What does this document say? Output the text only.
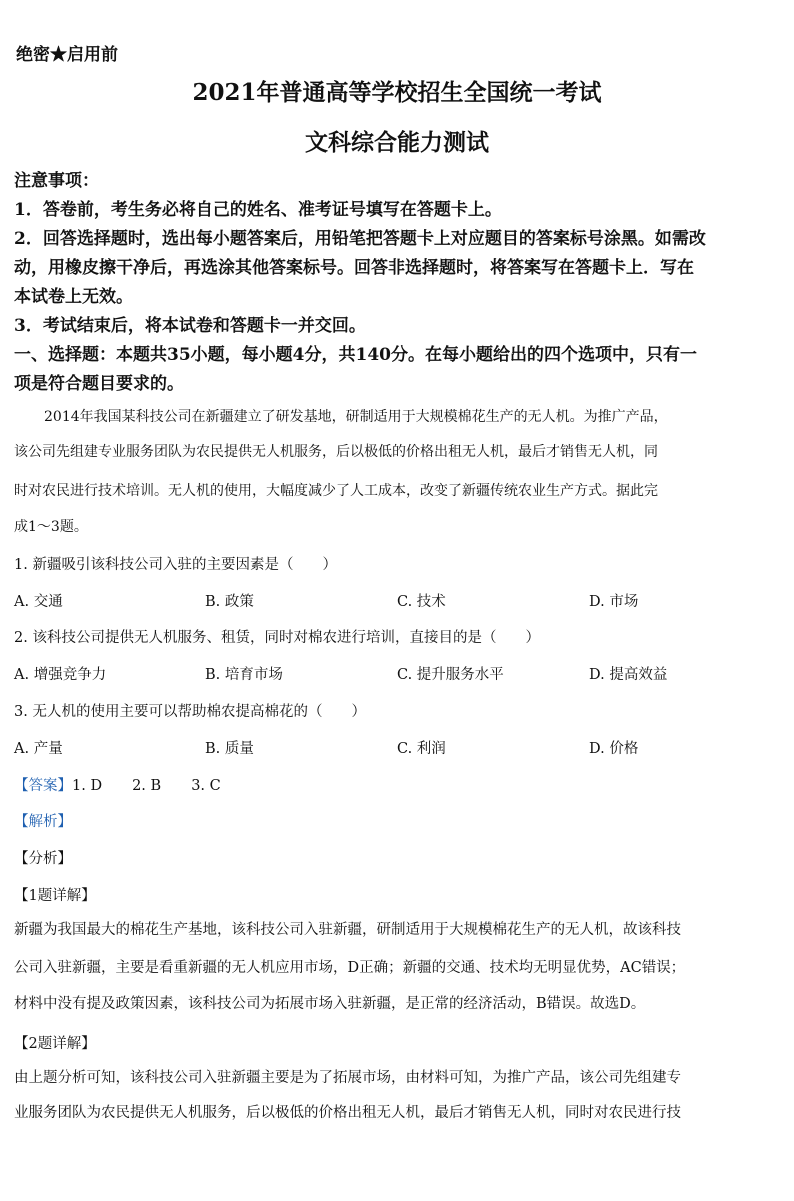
绝密★启用前
2021年普通高等学校招生全国统一考试
文科综合能力测试
注意事项：
1．答卷前，考生务必将自己的姓名、准考证号填写在答题卡上。
2．回答选择题时，选出每小题答案后，用铅笔把答题卡上对应题目的答案标号涂黑。如需改
动，用橡皮擦干净后，再选涂其他答案标号。回答非选择题时，将答案写在答题卡上．写在
本试卷上无效。
3．考试结束后，将本试卷和答题卡一并交回。
一、选择题：本题共35小题，每小题4分，共140分。在每小题给出的四个选项中，只有一
项是符合题目要求的。
2014年我国某科技公司在新疆建立了研发基地，研制适用于大规模棉花生产的无人机。为推广产品，
该公司先组建专业服务团队为农民提供无人机服务，后以极低的价格出租无人机，最后才销售无人机，同
时对农民进行技术培训。无人机的使用，大幅度减少了人工成本，改变了新疆传统农业生产方式。据此完
成1～3题。
1. 新疆吸引该科技公司入驻的主要因素是（　　）
A. 交通	B. 政策	C. 技术	D. 市场
2. 该科技公司提供无人机服务、租赁，同时对棉农进行培训，直接目的是（　　）
A. 增强竞争力	B. 培育市场	C. 提升服务水平	D. 提高效益
3. 无人机的使用主要可以帮助棉农提高棉花的（　　）
A. 产量	B. 质量	C. 利润	D. 价格
【答案】1. D 2. B 3. C
【解析】
【分析】
【1题详解】
新疆为我国最大的棉花生产基地，该科技公司入驻新疆，研制适用于大规模棉花生产的无人机，故该科技
公司入驻新疆，主要是看重新疆的无人机应用市场，D正确；新疆的交通、技术均无明显优势，AC错误；
材料中没有提及政策因素，该科技公司为拓展市场入驻新疆，是正常的经济活动，B错误。故选D。
【2题详解】
由上题分析可知，该科技公司入驻新疆主要是为了拓展市场，由材料可知，为推广产品，该公司先组建专
业服务团队为农民提供无人机服务，后以极低的价格出租无人机，最后才销售无人机，同时对农民进行技
